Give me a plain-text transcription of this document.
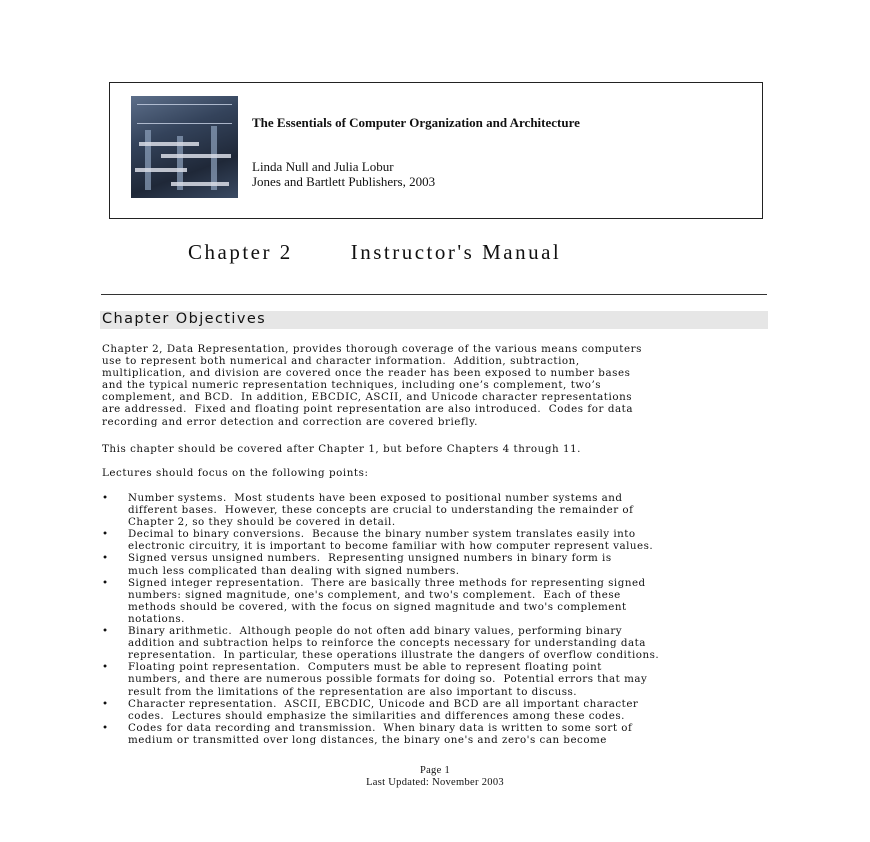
The Essentials of Computer Organization and Architecture
Linda Null and Julia Lobur
Jones and Bartlett Publishers, 2003
Chapter 2	Instructor's Manual
Chapter Objectives
Chapter 2, Data Representation, provides thorough coverage of the various means computers
use to represent both numerical and character information.  Addition, subtraction,
multiplication, and division are covered once the reader has been exposed to number bases
and the typical numeric representation techniques, including one’s complement, two’s
complement, and BCD.  In addition, EBCDIC, ASCII, and Unicode character representations
are addressed.  Fixed and floating point representation are also introduced.  Codes for data
recording and error detection and correction are covered briefly.
This chapter should be covered after Chapter 1, but before Chapters 4 through 11.
Lectures should focus on the following points:
• Number systems.  Most students have been exposed to positional number systems and
different bases.  However, these concepts are crucial to understanding the remainder of
Chapter 2, so they should be covered in detail.
• Decimal to binary conversions.  Because the binary number system translates easily into
electronic circuitry, it is important to become familiar with how computer represent values.
• Signed versus unsigned numbers.  Representing unsigned numbers in binary form is
much less complicated than dealing with signed numbers.
• Signed integer representation.  There are basically three methods for representing signed
numbers: signed magnitude, one's complement, and two's complement.  Each of these
methods should be covered, with the focus on signed magnitude and two's complement
notations.
• Binary arithmetic.  Although people do not often add binary values, performing binary
addition and subtraction helps to reinforce the concepts necessary for understanding data
representation.  In particular, these operations illustrate the dangers of overflow conditions.
• Floating point representation.  Computers must be able to represent floating point
numbers, and there are numerous possible formats for doing so.  Potential errors that may
result from the limitations of the representation are also important to discuss.
• Character representation.  ASCII, EBCDIC, Unicode and BCD are all important character
codes.  Lectures should emphasize the similarities and differences among these codes.
• Codes for data recording and transmission.  When binary data is written to some sort of
medium or transmitted over long distances, the binary one's and zero's can become
Page 1
Last Updated: November 2003
